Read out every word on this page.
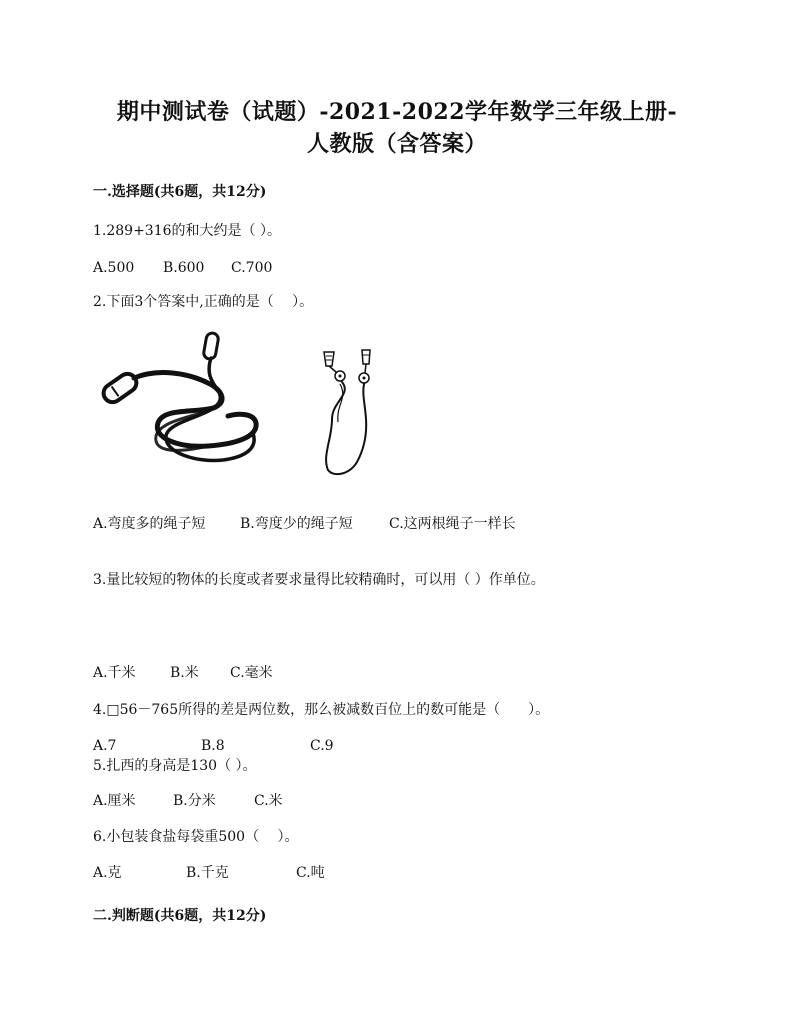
期中测试卷（试题）-2021-2022学年数学三年级上册-
人教版（含答案）
一.选择题(共6题，共12分)
1.289+316的和大约是（ ）。
A.500 B.600 C.700
2.下面3个答案中,正确的是（　 ）。
A.弯度多的绳子短 B.弯度少的绳子短	C.这两根绳子一样长
3.量比较短的物体的长度或者要求量得比较精确时，可以用（ ）作单位。
A.千米 B.米 C.毫米
4.□56－765所得的差是两位数，那么被减数百位上的数可能是（　　）。
A.7	B.8	C.9
5.扎西的身高是130（ ）。
A.厘米	B.分米	C.米
6.小包装食盐每袋重500（　 ）。
A.克	B.千克	C.吨
二.判断题(共6题，共12分)
